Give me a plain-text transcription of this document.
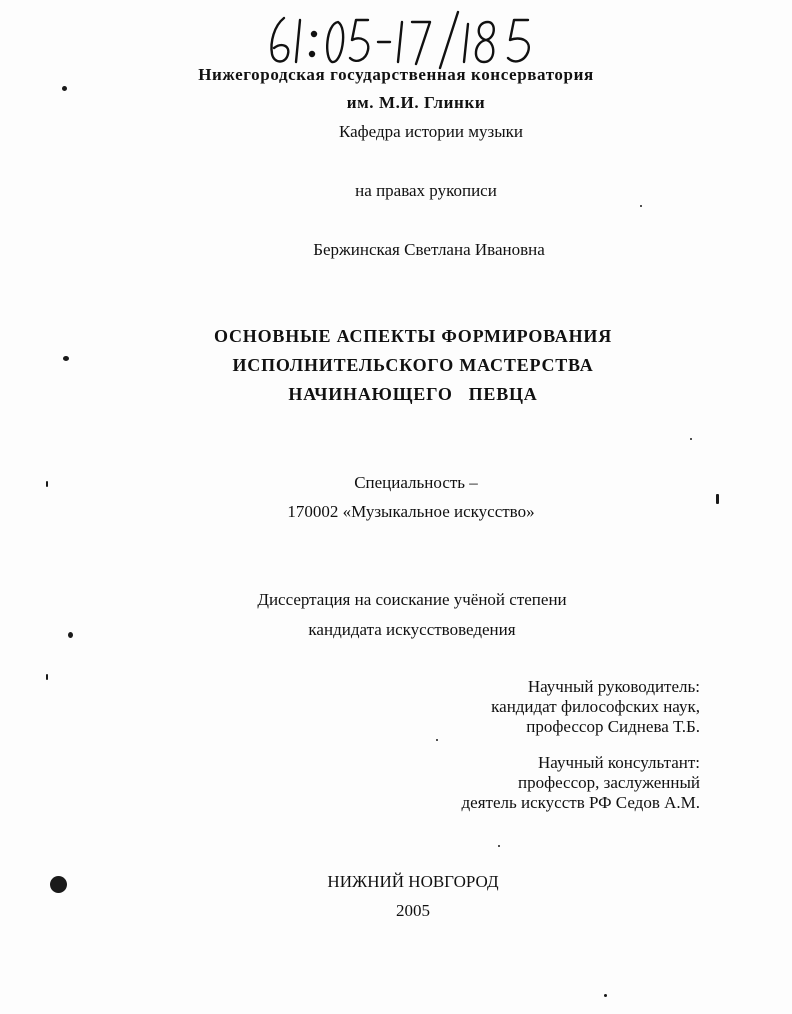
Нижегородская государственная консерватория
им. М.И. Глинки
Кафедра истории музыки
на правах рукописи
Бержинская Светлана Ивановна
ОСНОВНЫЕ АСПЕКТЫ ФОРМИРОВАНИЯ
ИСПОЛНИТЕЛЬСКОГО МАСТЕРСТВА
НАЧИНАЮЩЕГО   ПЕВЦА
Специальность –
170002 «Музыкальное искусство»
Диссертация на соискание учёной степени
кандидата искусствоведения
Научный руководитель:
кандидат философских наук,
профессор Сиднева Т.Б.
Научный консультант:
профессор, заслуженный
деятель искусств РФ Седов А.М.
НИЖНИЙ НОВГОРОД
2005
